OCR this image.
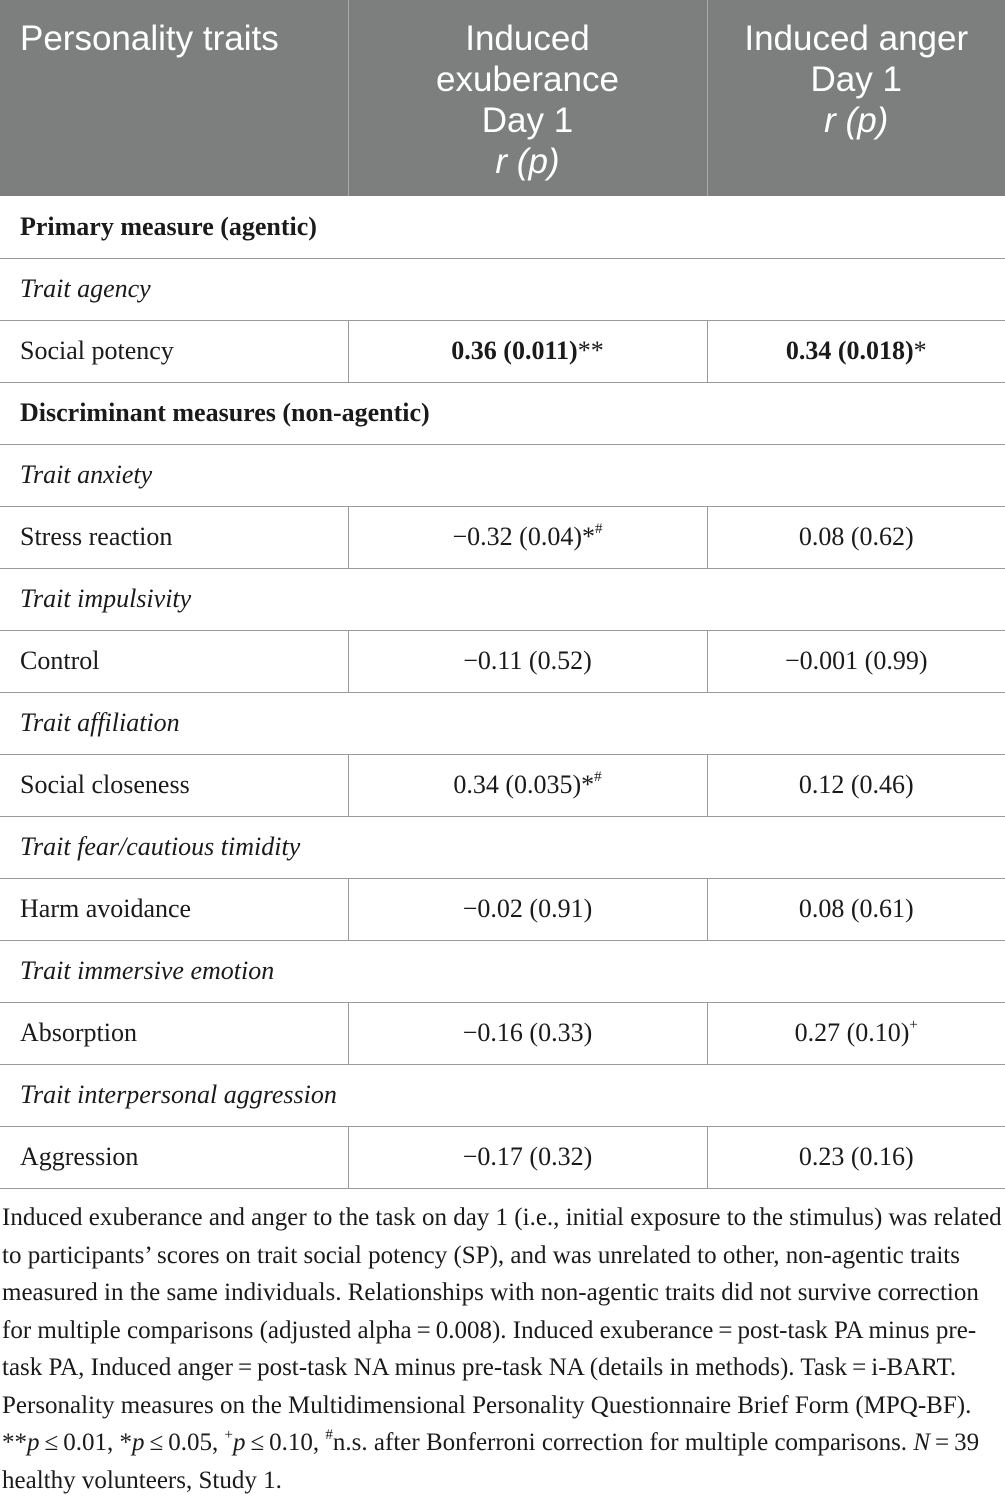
Personality traits	Induced
exuberance
Day 1
r (p)	Induced anger
Day 1
r (p)

Primary measure (agentic)		
Trait agency		
Social potency	0.36 (0.011)**	0.34 (0.018)*
Discriminant measures (non-agentic)		
Trait anxiety		
Stress reaction	−0.32 (0.04)*#	0.08 (0.62)
Trait impulsivity		
Control	−0.11 (0.52)	−0.001 (0.99)
Trait affiliation		
Social closeness	0.34 (0.035)*#	0.12 (0.46)
Trait fear/cautious timidity		
Harm avoidance	−0.02 (0.91)	0.08 (0.61)
Trait immersive emotion		
Absorption	−0.16 (0.33)	0.27 (0.10)+
Trait interpersonal aggression		
Aggression	−0.17 (0.32)	0.23 (0.16)

Induced exuberance and anger to the task on day 1 (i.e., initial exposure to the stimulus) was related to participants’ scores on trait social potency (SP), and was unrelated to other, non-agentic traits measured in the same individuals. Relationships with non-agentic traits did not survive correction for multiple comparisons (adjusted alpha = 0.008). Induced exuberance = post-task PA minus pre-task PA, Induced anger = post-task NA minus pre-task NA (details in methods). Task = i-BART. Personality measures on the Multidimensional Personality Questionnaire Brief Form (MPQ-BF). **p ≤ 0.01, *p ≤ 0.05, +p ≤ 0.10, #n.s. after Bonferroni correction for multiple comparisons. N = 39 healthy volunteers, Study 1.
